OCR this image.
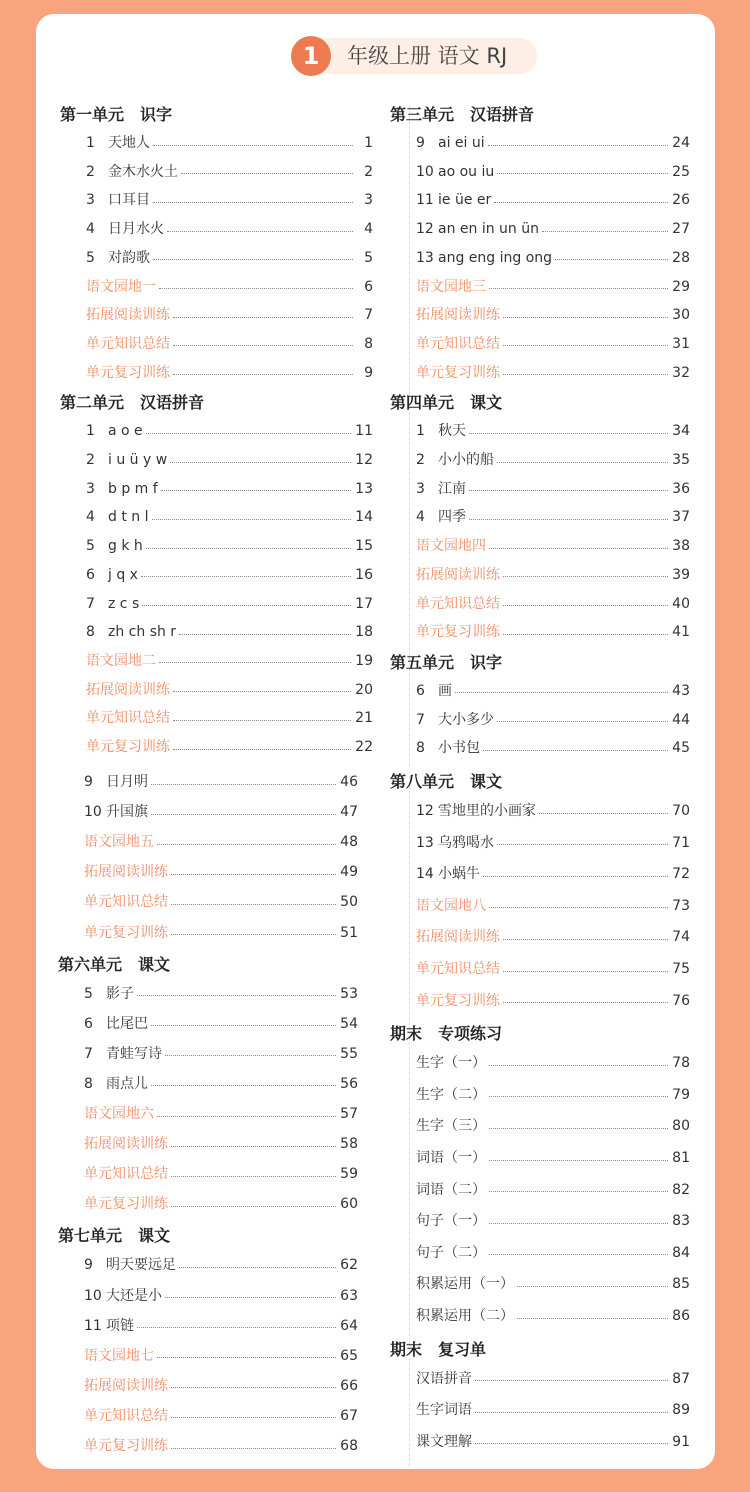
1	年级上册 语文 RJ
第一单元　识字
1 天地人	1
2 金木水火土	2
3 口耳目	3
4 日月水火	4
5 对韵歌	5
语文园地一	6
拓展阅读训练	7
单元知识总结	8
单元复习训练	9
第二单元　汉语拼音
1 a o e	11
2 i u ü y w	12
3 b p m f	13
4 d t n l	14
5 g k h	15
6 j q x	16
7 z c s	17
8 zh ch sh r	18
语文园地二	19
拓展阅读训练	20
单元知识总结	21
单元复习训练	22
第三单元　汉语拼音
9 ai ei ui	24
10 ao ou iu	25
11 ie üe er	26
12 an en in un ün	27
13 ang eng ing ong	28
语文园地三	29
拓展阅读训练	30
单元知识总结	31
单元复习训练	32
第四单元　课文
1 秋天	34
2 小小的船	35
3 江南	36
4 四季	37
语文园地四	38
拓展阅读训练	39
单元知识总结	40
单元复习训练	41
第五单元　识字
6 画	43
7 大小多少	44
8 小书包	45
9 日月明	46
10 升国旗	47
语文园地五	48
拓展阅读训练	49
单元知识总结	50
单元复习训练	51
第六单元　课文
5 影子	53
6 比尾巴	54
7 青蛙写诗	55
8 雨点儿	56
语文园地六	57
拓展阅读训练	58
单元知识总结	59
单元复习训练	60
第七单元　课文
9 明天要远足	62
10 大还是小	63
11 项链	64
语文园地七	65
拓展阅读训练	66
单元知识总结	67
单元复习训练	68
第八单元　课文
12 雪地里的小画家	70
13 乌鸦喝水	71
14 小蜗牛	72
语文园地八	73
拓展阅读训练	74
单元知识总结	75
单元复习训练	76
期末　专项练习
生字（一）	78
生字（二）	79
生字（三）	80
词语（一）	81
词语（二）	82
句子（一）	83
句子（二）	84
积累运用（一）	85
积累运用（二）	86
期末　复习单
汉语拼音	87
生字词语	89
课文理解	91
